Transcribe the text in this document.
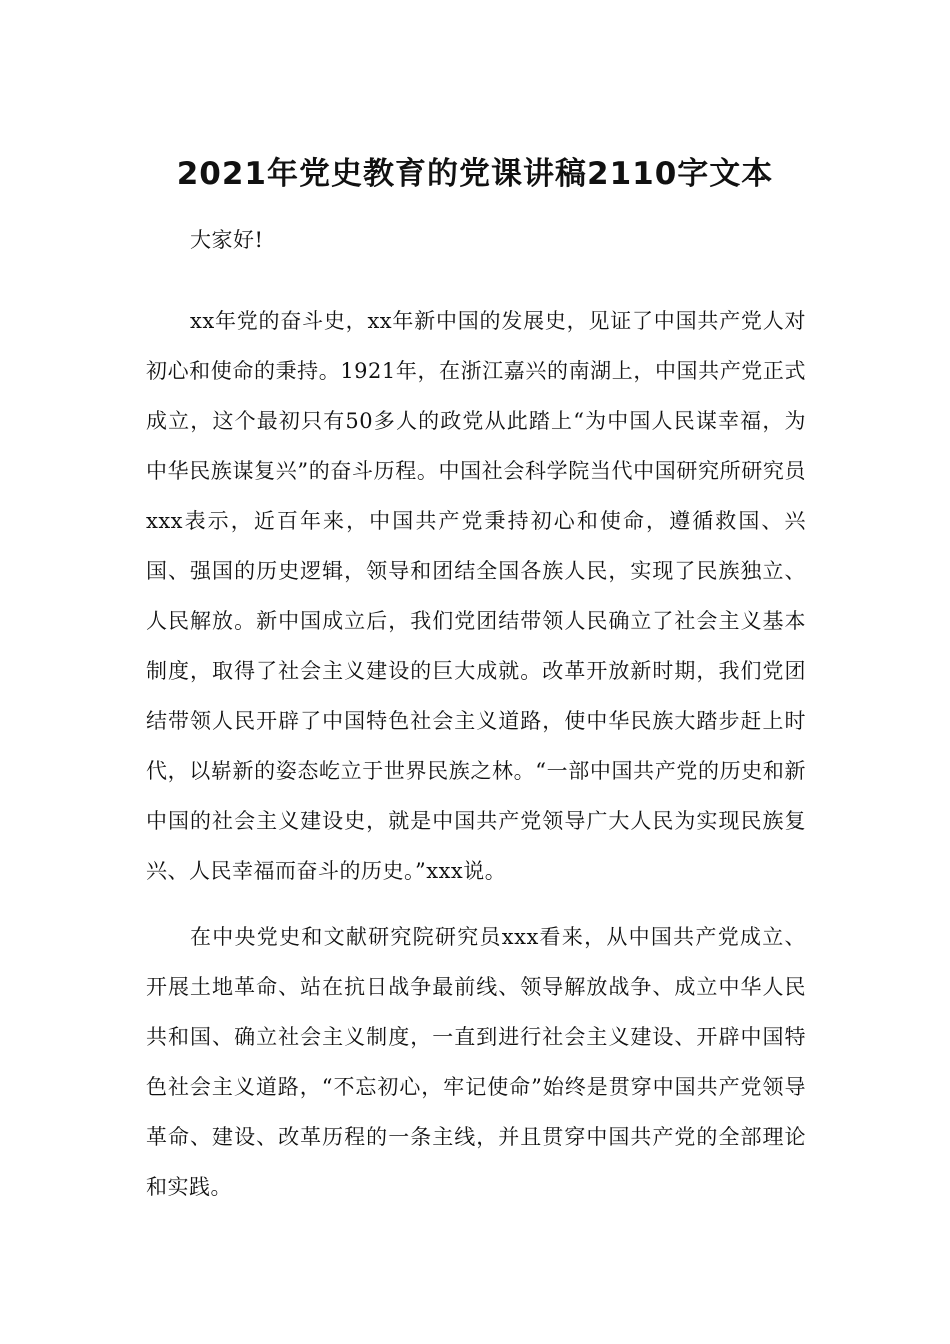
2021年党史教育的党课讲稿2110字文本

大家好!

xx年党的奋斗史，xx年新中国的发展史，见证了中国共产党人对初心和使命的秉持。1921年，在浙江嘉兴的南湖上，中国共产党正式成立，这个最初只有50多人的政党从此踏上“为中国人民谋幸福，为中华民族谋复兴”的奋斗历程。中国社会科学院当代中国研究所研究员xxx表示，近百年来，中国共产党秉持初心和使命，遵循救国、兴国、强国的历史逻辑，领导和团结全国各族人民，实现了民族独立、人民解放。新中国成立后，我们党团结带领人民确立了社会主义基本制度，取得了社会主义建设的巨大成就。改革开放新时期，我们党团结带领人民开辟了中国特色社会主义道路，使中华民族大踏步赶上时代，以崭新的姿态屹立于世界民族之林。“一部中国共产党的历史和新中国的社会主义建设史，就是中国共产党领导广大人民为实现民族复兴、人民幸福而奋斗的历史。”xxx说。

在中央党史和文献研究院研究员xxx看来，从中国共产党成立、开展土地革命、站在抗日战争最前线、领导解放战争、成立中华人民共和国、确立社会主义制度，一直到进行社会主义建设、开辟中国特色社会主义道路，“不忘初心，牢记使命”始终是贯穿中国共产党领导革命、建设、改革历程的一条主线，并且贯穿中国共产党的全部理论和实践。
